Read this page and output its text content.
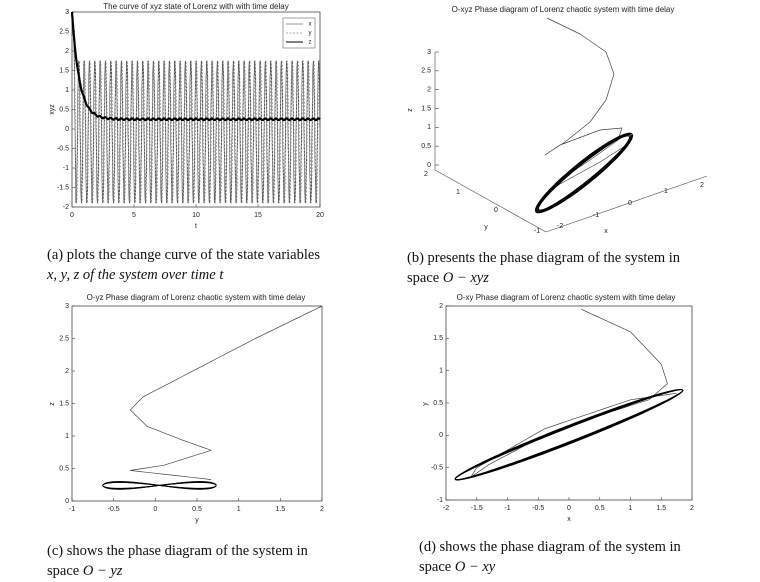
0	5	10	15	20
-2
-1.5
-1
-0.5
0
0.5
1
1.5
2
2.5
3
The curve of xyz state of Lorenz with with time delay
t
xyz
x
y
z
O-xyz Phase diagram of Lorenz chaotic system with time delay
0
0.5
1
1.5
2
2.5
3
z
-1
0
1
2
-2
-1
0
1
2
y
x
-1	-0.5	0	0.5	1	1.5	2
0
0.5
1
1.5
2
2.5
3
O-yz Phase diagram of Lorenz chaotic system with time delay
y
z
-2	-1.5	-1	-0.5	0	0.5	1	1.5	2
-1
-0.5
0
0.5
1
1.5
2
O-xy Phase diagram of Lorenz chaotic system with time delay
x
y
(a) plots the change curve of the state variables
x, y, z of the system over time t
(b) presents the phase diagram of the system in
space O − xyz
(c) shows the phase diagram of the system in
space O − yz
(d) shows the phase diagram of the system in
space O − xy
